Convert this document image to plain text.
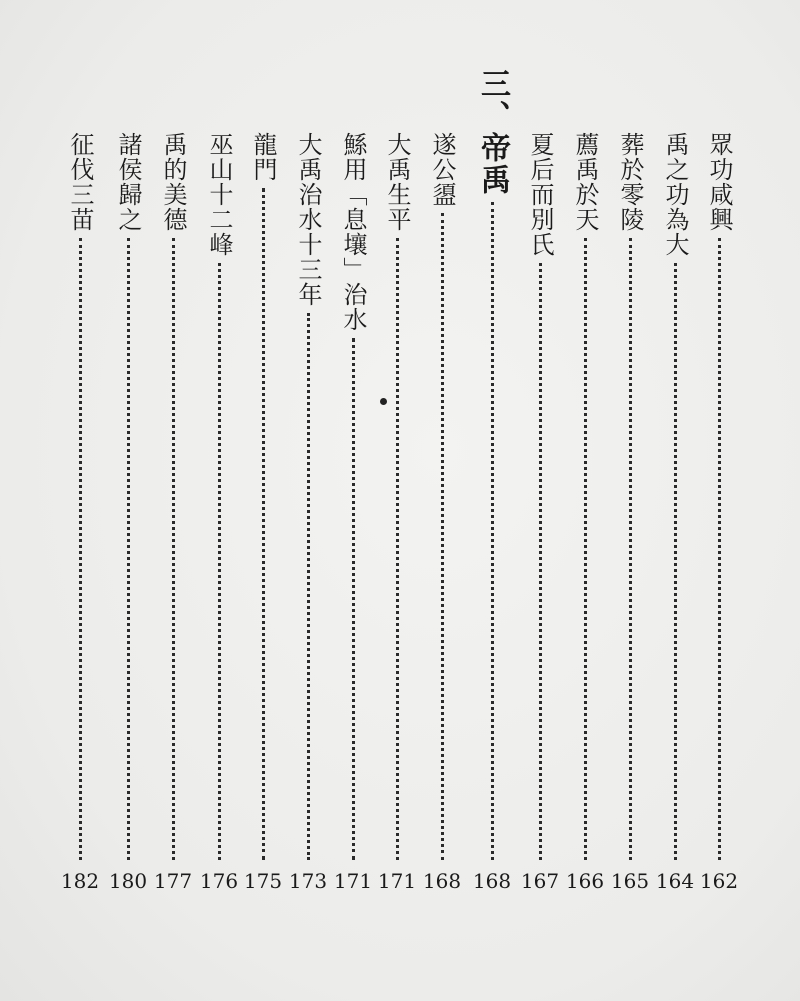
眾功咸興
162
禹之功為大
164
葬於零陵
165
薦禹於天
166
夏后而別氏
167
三、帝禹
168
遂公盨
168
大禹生平
171
鯀用「息壤」治水
171
大禹治水十三年
173
龍門
175
巫山十二峰
176
禹的美德
177
諸侯歸之
180
征伐三苗
182
